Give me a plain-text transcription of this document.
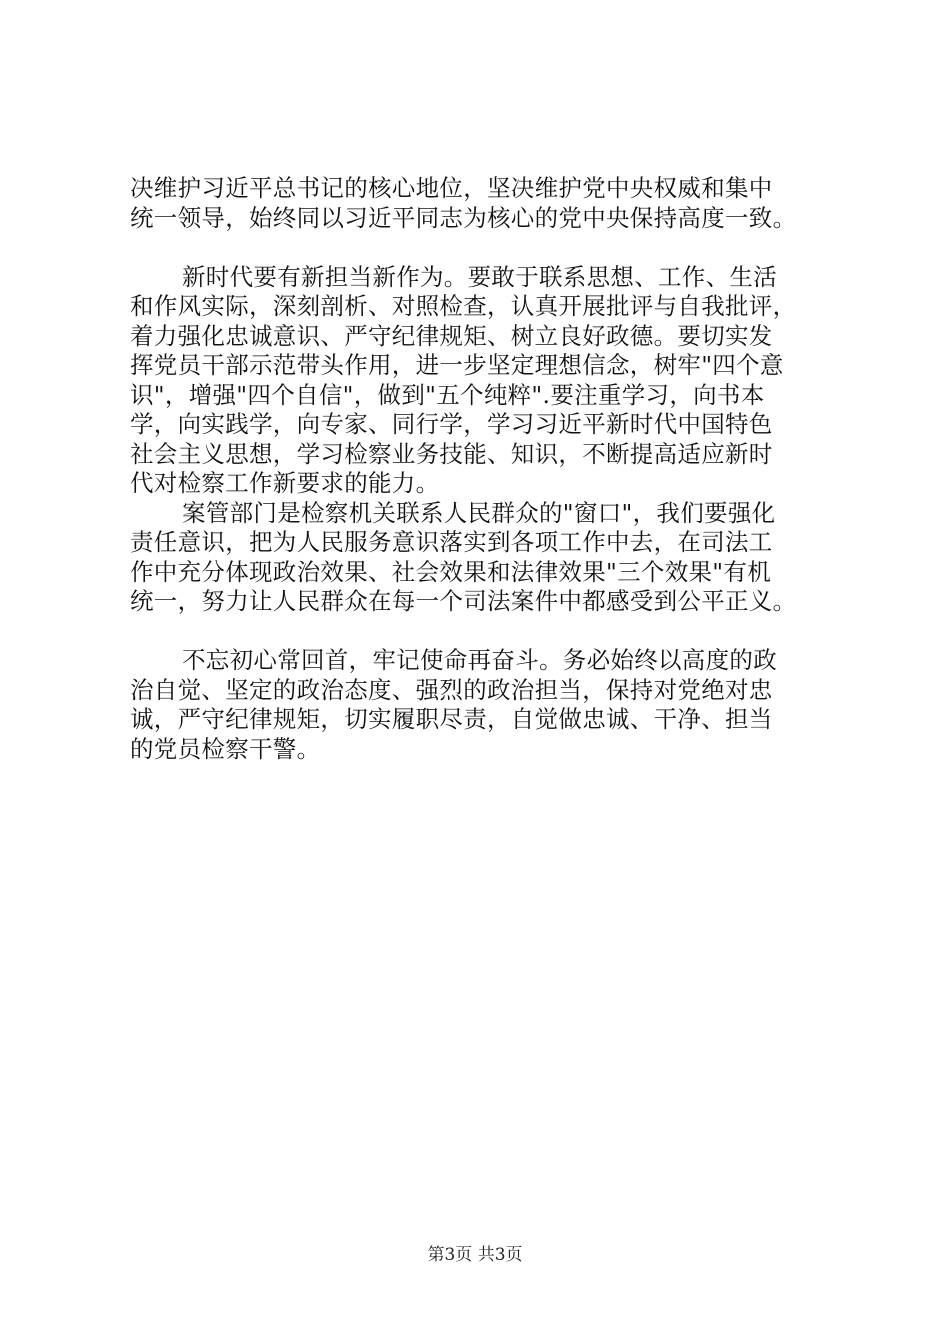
决维护习近平总书记的核心地位，坚决维护党中央权威和集中
统一领导，始终同以习近平同志为核心的党中央保持高度一致。
新时代要有新担当新作为。要敢于联系思想、工作、生活
和作风实际，深刻剖析、对照检查，认真开展批评与自我批评，
着力强化忠诚意识、严守纪律规矩、树立良好政德。要切实发
挥党员干部示范带头作用，进一步坚定理想信念，树牢"四个意
识"，增强"四个自信"，做到"五个纯粹".要注重学习，向书本
学，向实践学，向专家、同行学，学习习近平新时代中国特色
社会主义思想，学习检察业务技能、知识，不断提高适应新时
代对检察工作新要求的能力。
案管部门是检察机关联系人民群众的"窗口"，我们要强化
责任意识，把为人民服务意识落实到各项工作中去，在司法工
作中充分体现政治效果、社会效果和法律效果"三个效果"有机
统一，努力让人民群众在每一个司法案件中都感受到公平正义。
不忘初心常回首，牢记使命再奋斗。务必始终以高度的政
治自觉、坚定的政治态度、强烈的政治担当，保持对党绝对忠
诚，严守纪律规矩，切实履职尽责，自觉做忠诚、干净、担当
的党员检察干警。
第3页 共3页
